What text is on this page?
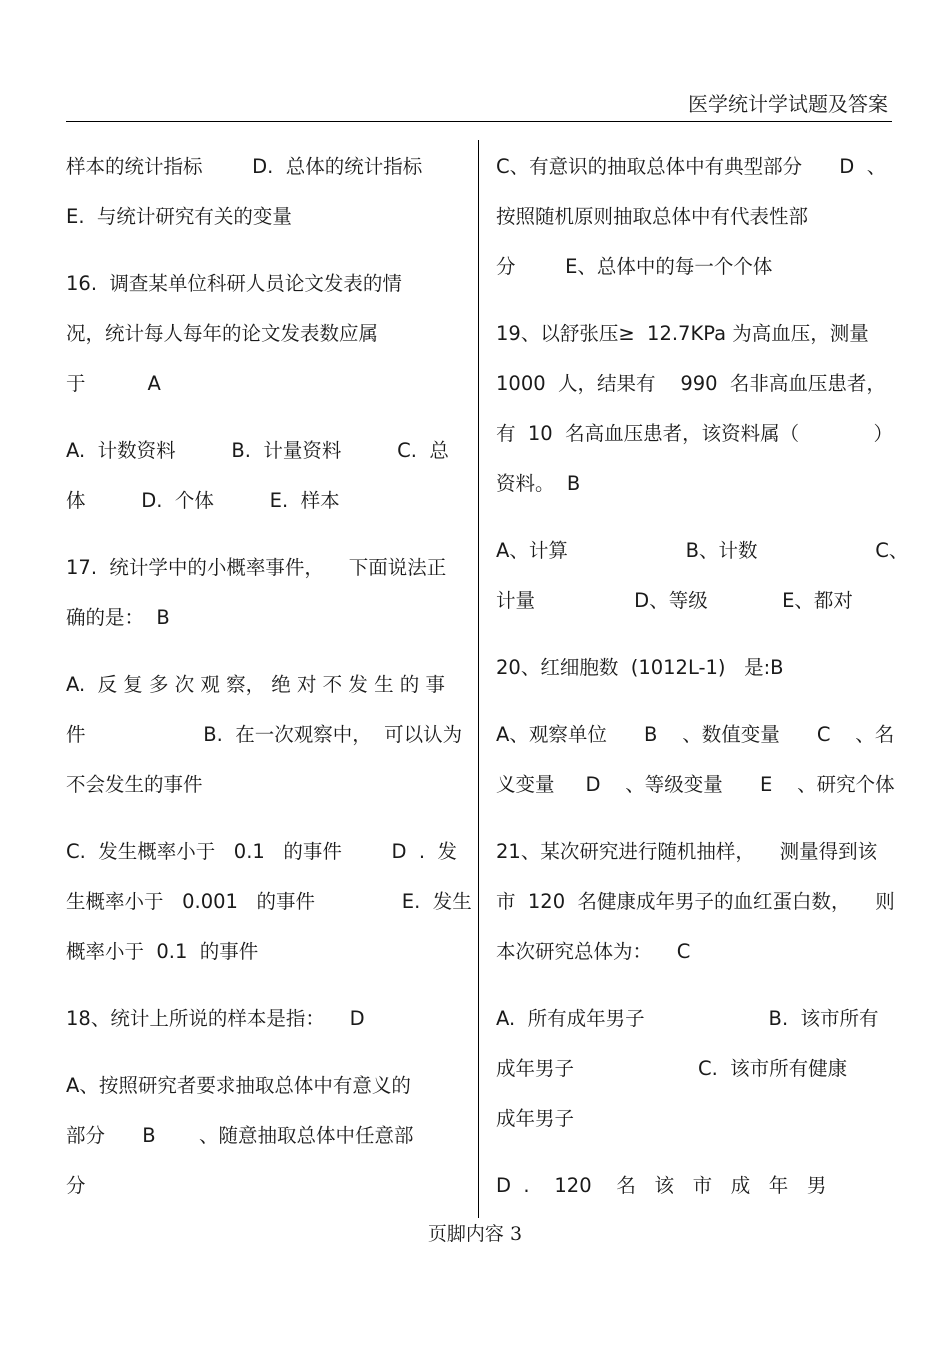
医学统计学试题及答案
样本的统计指标        D.  总体的统计指标
E.  与统计研究有关的变量
16.  调查某单位科研人员论文发表的情
况，统计每人每年的论文发表数应属
于          A
A.  计数资料         B.  计量资料         C.  总
体         D.  个体         E.  样本
17.  统计学中的小概率事件，    下面说法正
确的是：  B
A.  反 复 多 次 观 察， 绝 对 不 发 生 的 事
件                   B.  在一次观察中，  可以认为
不会发生的事件
C.  发生概率小于   0.1   的事件        D  .  发
生概率小于   0.001   的事件              E.  发生
概率小于  0.1  的事件
18、统计上所说的样本是指：    D
A、按照研究者要求抽取总体中有意义的
部分      B       、随意抽取总体中任意部
分
C、有意识的抽取总体中有典型部分      D  、
按照随机原则抽取总体中有代表性部
分        E、总体中的每一个个体
19、以舒张压≥  12.7KPa 为高血压，测量
1000  人，结果有    990  名非高血压患者，
有  10  名高血压患者，该资料属（            ）
资料。  B
A、计算                   B、计数                   C、
计量                D、等级            E、都对
20、红细胞数  (1012L-1)   是:B
A、观察单位      B    、数值变量      C    、名
义变量     D    、等级变量      E    、研究个体
21、某次研究进行随机抽样，    测量得到该
市  120  名健康成年男子的血红蛋白数，    则
本次研究总体为：    C
A.  所有成年男子                    B.  该市所有
成年男子                    C.  该市所有健康
成年男子
D  .    120    名   该   市   成   年   男
页脚内容 3
